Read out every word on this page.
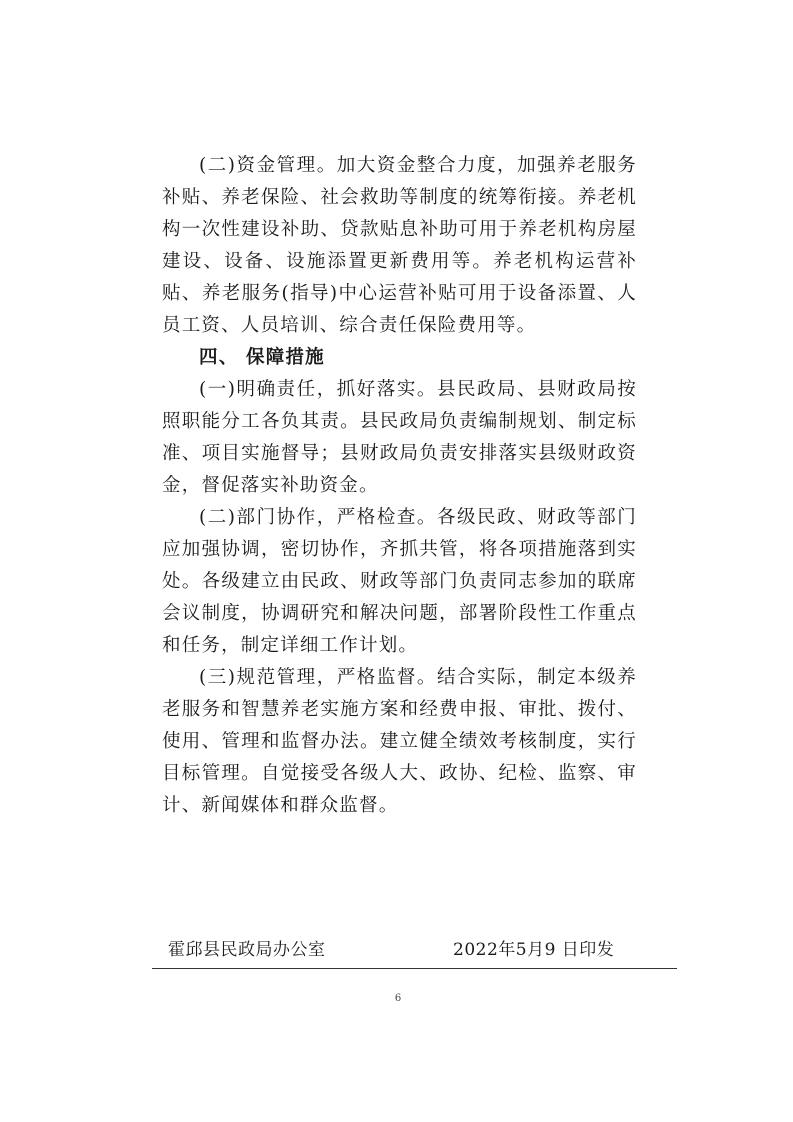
(二)资金管理。加大资金整合力度，加强养老服务补贴、养老保险、社会救助等制度的统筹衔接。养老机构一次性建设补助、贷款贴息补助可用于养老机构房屋建设、设备、设施添置更新费用等。养老机构运营补贴、养老服务(指导)中心运营补贴可用于设备添置、人员工资、人员培训、综合责任保险费用等。

四、 保障措施

(一)明确责任，抓好落实。县民政局、县财政局按照职能分工各负其责。县民政局负责编制规划、制定标准、项目实施督导；县财政局负责安排落实县级财政资金，督促落实补助资金。

(二)部门协作，严格检查。各级民政、财政等部门应加强协调，密切协作，齐抓共管，将各项措施落到实处。各级建立由民政、财政等部门负责同志参加的联席会议制度，协调研究和解决问题，部署阶段性工作重点和任务，制定详细工作计划。

(三)规范管理，严格监督。结合实际，制定本级养老服务和智慧养老实施方案和经费申报、审批、拨付、使用、管理和监督办法。建立健全绩效考核制度，实行目标管理。自觉接受各级人大、政协、纪检、监察、审计、新闻媒体和群众监督。

霍邱县民政局办公室	2022年5月9 日印发
6
